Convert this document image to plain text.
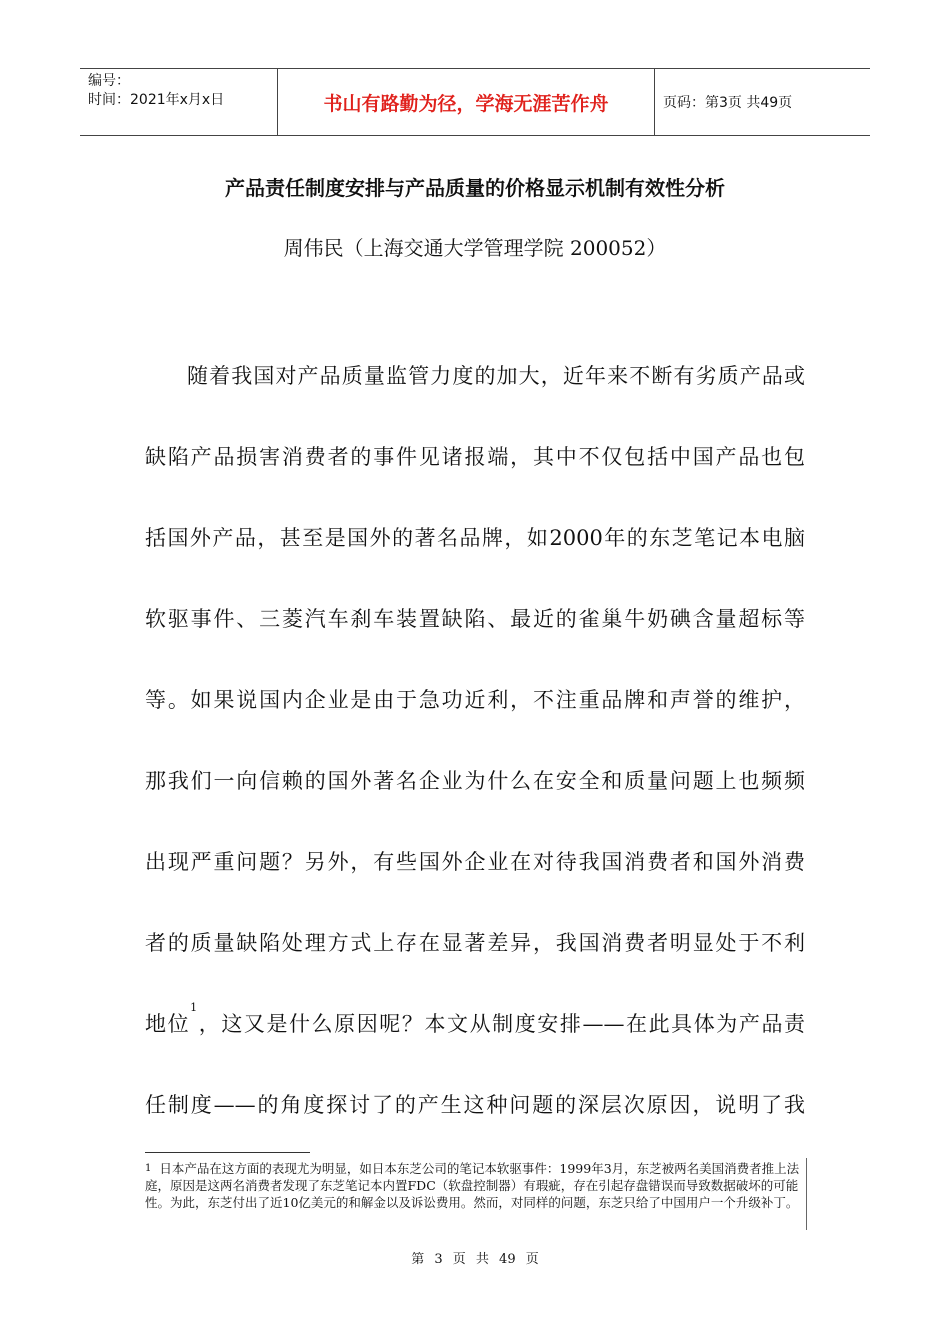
编号：
时间：2021年x月x日	书山有路勤为径，学海无涯苦作舟	页码：第3页 共49页
产品责任制度安排与产品质量的价格显示机制有效性分析
周伟民（上海交通大学管理学院 200052）
随着我国对产品质量监管力度的加大，近年来不断有劣质产品或
缺陷产品损害消费者的事件见诸报端，其中不仅包括中国产品也包
括国外产品，甚至是国外的著名品牌，如2000年的东芝笔记本电脑
软驱事件、三菱汽车刹车装置缺陷、最近的雀巢牛奶碘含量超标等
等。如果说国内企业是由于急功近利，不注重品牌和声誉的维护，
那我们一向信赖的国外著名企业为什么在安全和质量问题上也频频
出现严重问题？另外，有些国外企业在对待我国消费者和国外消费
者的质量缺陷处理方式上存在显著差异，我国消费者明显处于不利
地位$^1$，这又是什么原因呢？本文从制度安排——在此具体为产品责
任制度——的角度探讨了的产生这种问题的深层次原因，说明了我
$^1$ 日本产品在这方面的表现尤为明显，如日本东芝公司的笔记本软驱事件：1999年3月，东芝被两名美国消费者推上法庭，原因是这两名消费者发现了东芝笔记本内置FDC（软盘控制器）有瑕疵，存在引起存盘错误而导致数据破坏的可能性。为此，东芝付出了近10亿美元的和解金以及诉讼费用。然而，对同样的问题，东芝只给了中国用户一个升级补丁。
第 3 页 共 49 页
